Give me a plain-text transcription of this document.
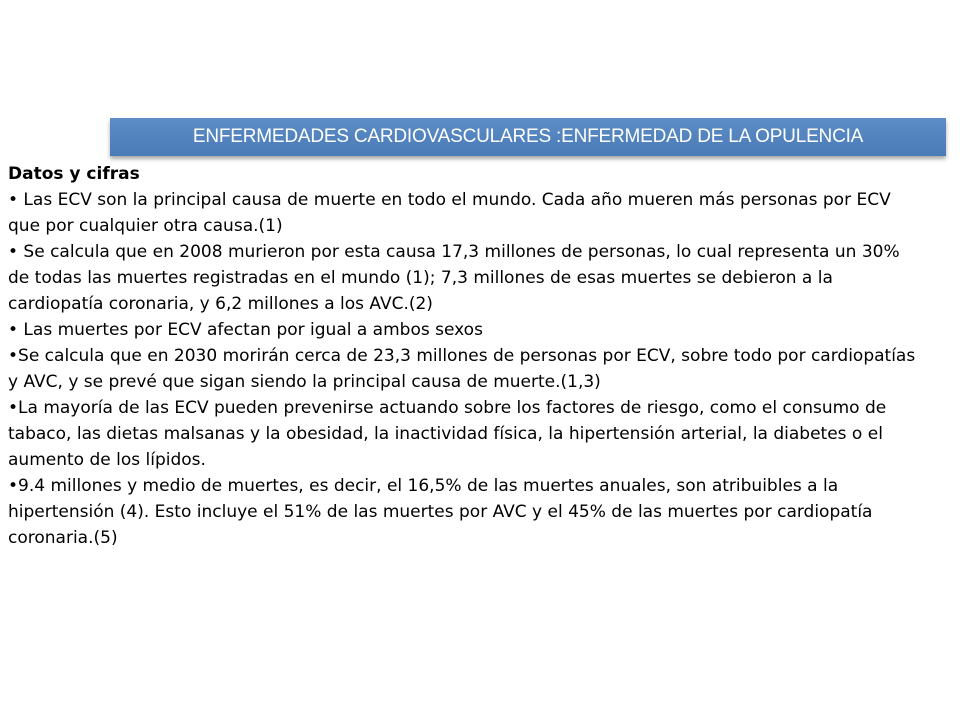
ENFERMEDADES CARDIOVASCULARES :ENFERMEDAD DE LA OPULENCIA

Datos y cifras

• Las ECV son la principal causa de muerte en todo el mundo. Cada año mueren más personas por ECV que por cualquier otra causa.(1)

• Se calcula que en 2008 murieron por esta causa 17,3 millones de personas, lo cual representa un 30% de todas las muertes registradas en el mundo (1); 7,3 millones de esas muertes se debieron a la cardiopatía coronaria, y 6,2 millones a los AVC.(2)

• Las muertes por ECV afectan por igual a ambos sexos

•Se calcula que en 2030 morirán cerca de 23,3 millones de personas por ECV, sobre todo por cardiopatías y AVC, y se prevé que sigan siendo la principal causa de muerte.(1,3)

•La mayoría de las ECV pueden prevenirse actuando sobre los factores de riesgo, como el consumo de tabaco, las dietas malsanas y la obesidad, la inactividad física, la hipertensión arterial, la diabetes o el aumento de los lípidos.

•9.4 millones y medio de muertes, es decir, el 16,5% de las muertes anuales, son atribuibles a la hipertensión (4). Esto incluye el 51% de las muertes por AVC y el 45% de las muertes por cardiopatía coronaria.(5)
